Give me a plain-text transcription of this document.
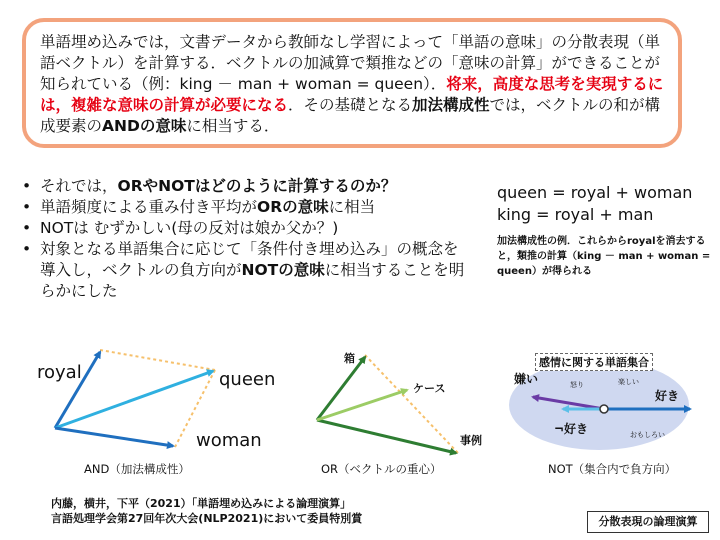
単語埋め込みでは，文書データから教師なし学習によって「単語の意味」の分散表現（単語ベクトル）を計算する．ベクトルの加減算で類推などの「意味の計算」ができることが知られている（例：king － man + woman = queen）．将来，高度な思考を実現するには，複雑な意味の計算が必要になる．その基礎となる加法構成性では，ベクトルの和が構成要素のANDの意味に相当する．
• それでは，ORやNOTはどのように計算するのか？
• 単語頻度による重み付き平均がORの意味に相当
• NOTは むずかしい(母の反対は娘か父か？)
• 対象となる単語集合に応じて「条件付き埋め込み」の概念を導入し，ベクトルの負方向がNOTの意味に相当することを明らかにした
queen = royal + woman
king = royal + man
加法構成性の例．これらからroyalを消去すると，類推の計算（king － man + woman = queen）が得られる
royal	queen
woman
AND（加法構成性）
箱
ケース
事例
OR（ベクトルの重心）
感情に関する単語集合
嫌い
好き
¬好き
怒り	楽しい
おもしろい
NOT（集合内で負方向）
内藤，横井，下平（2021）「単語埋め込みによる論理演算」
言語処理学会第27回年次大会(NLP2021)において委員特別賞	分散表現の論理演算
